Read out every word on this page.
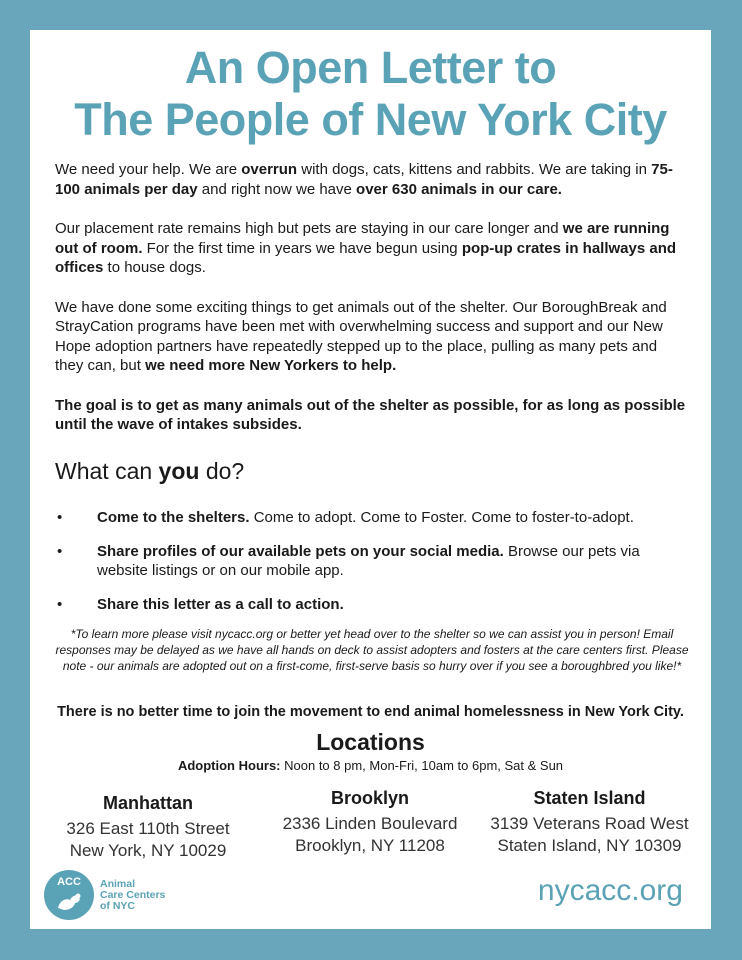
An Open Letter to
The People of New York City

We need your help. We are overrun with dogs, cats, kittens and rabbits. We are taking in 75-100 animals per day and right now we have over 630 animals in our care.

Our placement rate remains high but pets are staying in our care longer and we are running out of room. For the first time in years we have begun using pop-up crates in hallways and offices to house dogs.

We have done some exciting things to get animals out of the shelter. Our BoroughBreak and StrayCation programs have been met with overwhelming success and support and our New Hope adoption partners have repeatedly stepped up to the place, pulling as many pets and they can, but we need more New Yorkers to help.

The goal is to get as many animals out of the shelter as possible, for as long as possible until the wave of intakes subsides.

What can you do?
• Come to the shelters. Come to adopt. Come to Foster. Come to foster-to-adopt.
• Share profiles of our available pets on your social media. Browse our pets via website listings or on our mobile app.
• Share this letter as a call to action.

*To learn more please visit nycacc.org or better yet head over to the shelter so we can assist you in person! Email responses may be delayed as we have all hands on deck to assist adopters and fosters at the care centers first. Please note - our animals are adopted out on a first-come, first-serve basis so hurry over if you see a boroughbred you like!*

There is no better time to join the movement to end animal homelessness in New York City.

Locations

Adoption Hours: Noon to 8 pm, Mon-Fri, 10am to 6pm, Sat & Sun

Manhattan
326 East 110th Street
New York, NY 10029
Brooklyn
2336 Linden Boulevard
Brooklyn, NY 11208
Staten Island
3139 Veterans Road West
Staten Island, NY 10309
ACC Animal
Care Centers
of NYC	nycacc.org
